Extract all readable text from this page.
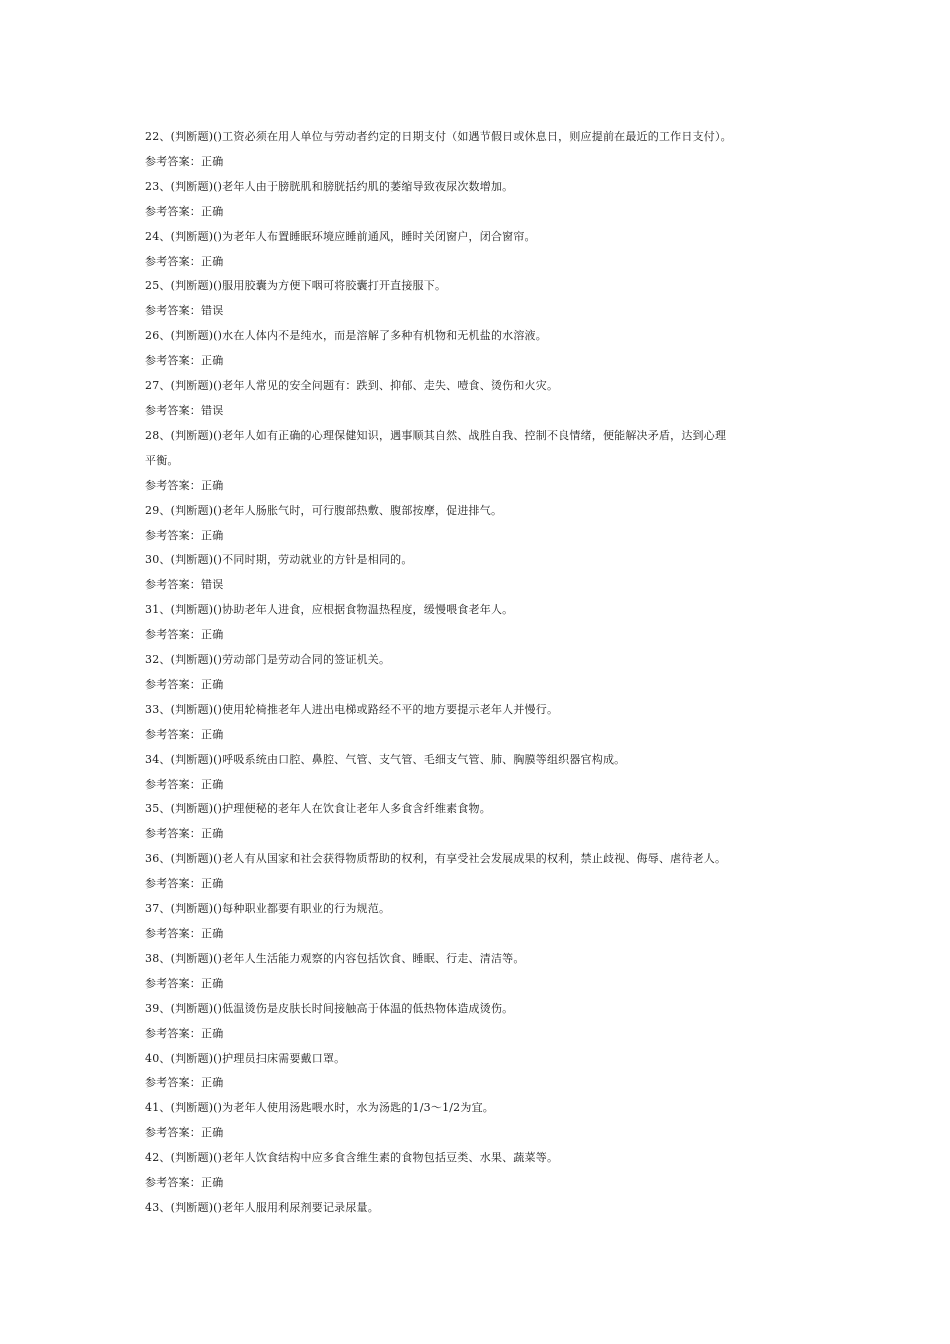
22、(判断题)()工资必须在用人单位与劳动者约定的日期支付（如遇节假日或休息日，则应提前在最近的工作日支付）。
参考答案：正确
23、(判断题)()老年人由于膀胱肌和膀胱括约肌的萎缩导致夜尿次数增加。
参考答案：正确
24、(判断题)()为老年人布置睡眠环境应睡前通风，睡时关闭窗户，闭合窗帘。
参考答案：正确
25、(判断题)()服用胶囊为方便下咽可将胶囊打开直接服下。
参考答案：错误
26、(判断题)()水在人体内不是纯水，而是溶解了多种有机物和无机盐的水溶液。
参考答案：正确
27、(判断题)()老年人常见的安全问题有：跌到、抑郁、走失、噎食、烫伤和火灾。
参考答案：错误
28、(判断题)()老年人如有正确的心理保健知识，遇事顺其自然、战胜自我、控制不良情绪，便能解决矛盾，达到心理
平衡。
参考答案：正确
29、(判断题)()老年人肠胀气时，可行腹部热敷、腹部按摩，促进排气。
参考答案：正确
30、(判断题)()不同时期，劳动就业的方针是相同的。
参考答案：错误
31、(判断题)()协助老年人进食，应根据食物温热程度，缓慢喂食老年人。
参考答案：正确
32、(判断题)()劳动部门是劳动合同的签证机关。
参考答案：正确
33、(判断题)()使用轮椅推老年人进出电梯或路经不平的地方要提示老年人并慢行。
参考答案：正确
34、(判断题)()呼吸系统由口腔、鼻腔、气管、支气管、毛细支气管、肺、胸膜等组织器官构成。
参考答案：正确
35、(判断题)()护理便秘的老年人在饮食让老年人多食含纤维素食物。
参考答案：正确
36、(判断题)()老人有从国家和社会获得物质帮助的权利，有享受社会发展成果的权利，禁止歧视、侮辱、虐待老人。
参考答案：正确
37、(判断题)()每种职业都要有职业的行为规范。
参考答案：正确
38、(判断题)()老年人生活能力观察的内容包括饮食、睡眠、行走、清洁等。
参考答案：正确
39、(判断题)()低温烫伤是皮肤长时间接触高于体温的低热物体造成烫伤。
参考答案：正确
40、(判断题)()护理员扫床需要戴口罩。
参考答案：正确
41、(判断题)()为老年人使用汤匙喂水时，水为汤匙的1/3～1/2为宜。
参考答案：正确
42、(判断题)()老年人饮食结构中应多食含维生素的食物包括豆类、水果、蔬菜等。
参考答案：正确
43、(判断题)()老年人服用利尿剂要记录尿量。
